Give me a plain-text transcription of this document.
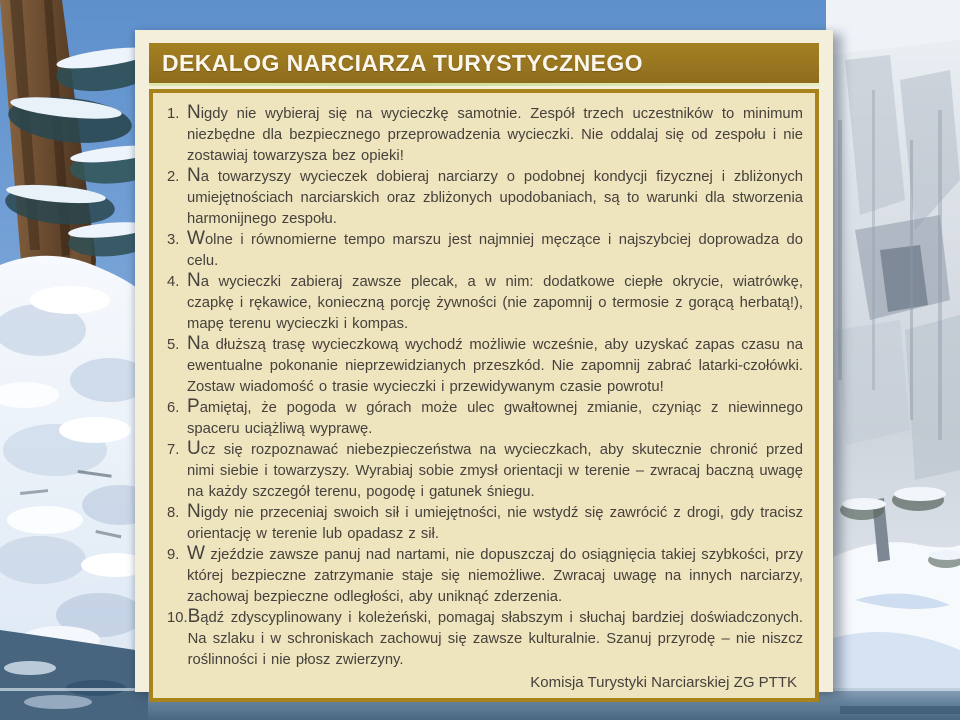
DEKALOG NARCIARZA TURYSTYCZNEGO
1. Nigdy nie wybieraj się na wycieczkę samotnie. Zespół trzech uczestników to minimum niezbędne dla bezpiecznego przeprowadzenia wycieczki. Nie oddalaj się od zespołu i nie zostawiaj towarzysza bez opieki!
2. Na towarzyszy wycieczek dobieraj narciarzy o podobnej kondycji fizycznej i zbliżonych umiejętnościach narciarskich oraz zbliżonych upodobaniach, są to warunki dla stworzenia harmonijnego zespołu.
3. Wolne i równomierne tempo marszu jest najmniej męczące i najszybciej doprowadza do celu.
4. Na wycieczki zabieraj zawsze plecak, a w nim: dodatkowe ciepłe okrycie, wiatrówkę, czapkę i rękawice, konieczną porcję żywności (nie zapomnij o termosie z gorącą herbatą!), mapę terenu wycieczki i kompas.
5. Na dłuższą trasę wycieczkową wychodź możliwie wcześnie, aby uzyskać zapas czasu na ewentualne pokonanie nieprzewidzianych przeszkód. Nie zapomnij zabrać latarki-czołówki. Zostaw wiadomość o trasie wycieczki i przewidywanym czasie powrotu!
6. Pamiętaj, że pogoda w górach może ulec gwałtownej zmianie, czyniąc z niewinnego spaceru uciążliwą wyprawę.
7. Ucz się rozpoznawać niebezpieczeństwa na wycieczkach, aby skutecznie chronić przed nimi siebie i towarzyszy. Wyrabiaj sobie zmysł orientacji w terenie – zwracaj baczną uwagę na każdy szczegół terenu, pogodę i gatunek śniegu.
8. Nigdy nie przeceniaj swoich sił i umiejętności, nie wstydź się zawrócić z drogi, gdy tracisz orientację w terenie lub opadasz z sił.
9. W zjeździe zawsze panuj nad nartami, nie dopuszczaj do osiągnięcia takiej szybkości, przy której bezpieczne zatrzymanie staje się niemożliwe. Zwracaj uwagę na innych narciarzy, zachowaj bezpieczne odległości, aby uniknąć zderzenia.
10. Bądź zdyscyplinowany i koleżeński, pomagaj słabszym i słuchaj bardziej doświadczonych. Na szlaku i w schroniskach zachowuj się zawsze kulturalnie. Szanuj przyrodę – nie niszcz roślinności i nie płosz zwierzyny.
Komisja Turystyki Narciarskiej ZG PTTK
